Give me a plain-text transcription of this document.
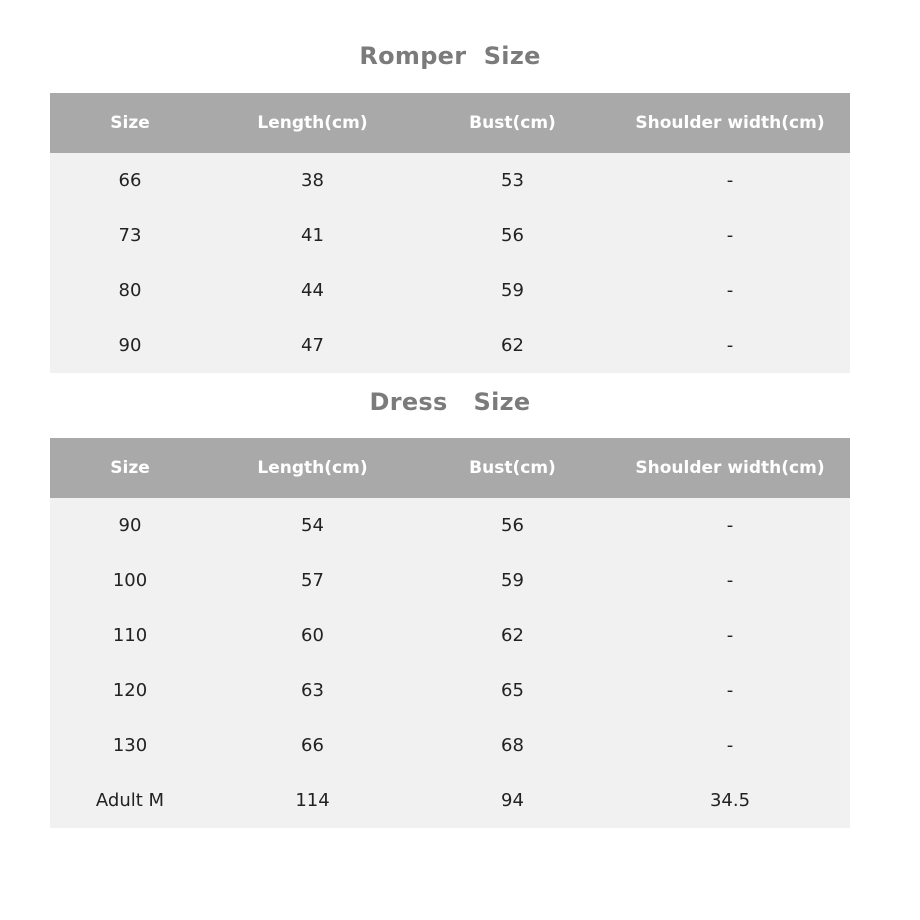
Romper  Size
Size	Length(cm)	Bust(cm)	Shoulder width(cm)
66	38	53	-
73	41	56	-
80	44	59	-
90	47	62	-
Dress   Size
Size	Length(cm)	Bust(cm)	Shoulder width(cm)
90	54	56	-
100	57	59	-
110	60	62	-
120	63	65	-
130	66	68	-
Adult M	114	94	34.5
